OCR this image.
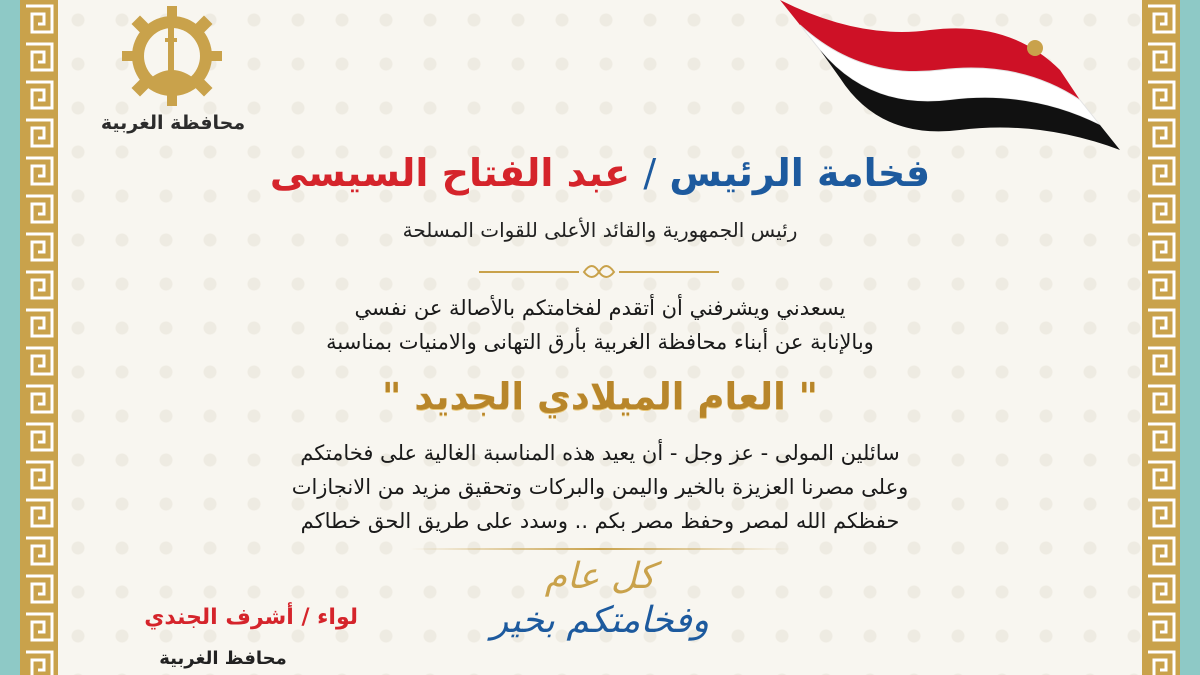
محافظة الغربية
فخامة الرئيس / عبد الفتاح السيسى
رئيس الجمهورية والقائد الأعلى للقوات المسلحة
يسعدني ويشرفني أن أتقدم لفخامتكم بالأصالة عن نفسي
وبالإنابة عن أبناء محافظة الغربية بأرق التهانى والامنيات بمناسبة
" العام الميلادي الجديد "
سائلين المولى - عز وجل - أن يعيد هذه المناسبة الغالية على فخامتكم
وعلى مصرنا العزيزة بالخير واليمن والبركات وتحقيق مزيد من الانجازات
حفظكم الله لمصر وحفظ مصر بكم .. وسدد على طريق الحق خطاكم
كل عام
وفخامتكم بخير
لواء / أشرف الجندي
محافظ الغربية
